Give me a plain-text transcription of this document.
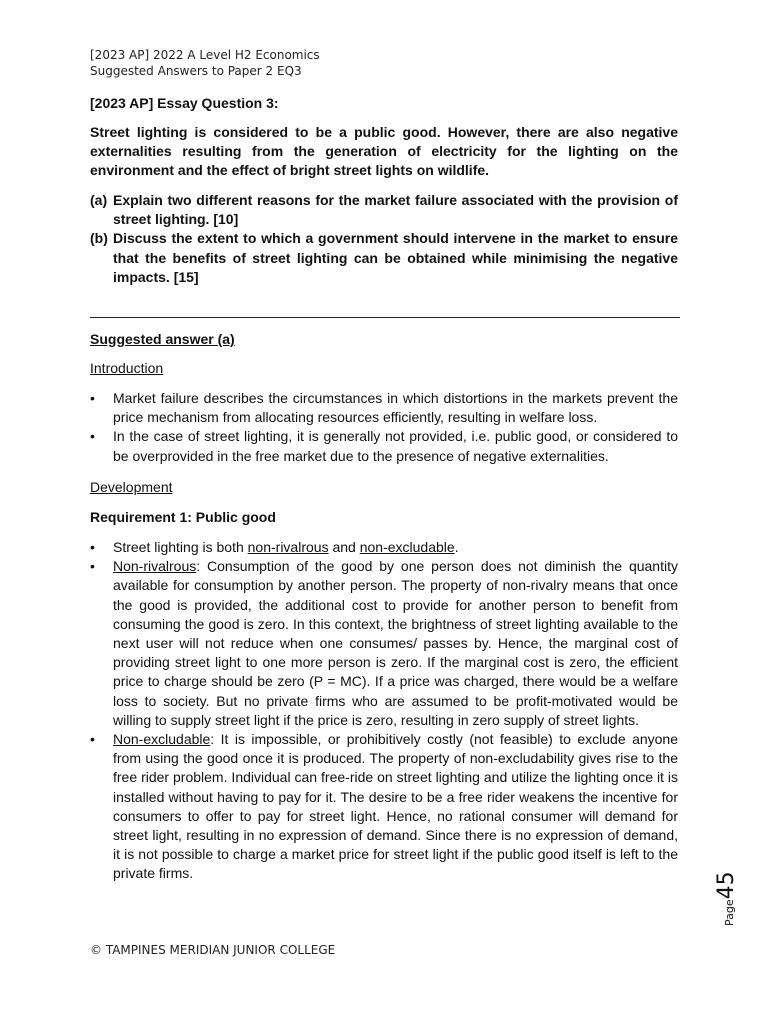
[2023 AP] 2022 A Level H2 Economics
Suggested Answers to Paper 2 EQ3
[2023 AP] Essay Question 3:
Street lighting is considered to be a public good. However, there are also negative externalities resulting from the generation of electricity for the lighting on the environment and the effect of bright street lights on wildlife.
(a) Explain two different reasons for the market failure associated with the provision of street lighting. [10]
(b) Discuss the extent to which a government should intervene in the market to ensure that the benefits of street lighting can be obtained while minimising the negative impacts. [15]
Suggested answer (a)
Introduction
• Market failure describes the circumstances in which distortions in the markets prevent the price mechanism from allocating resources efficiently, resulting in welfare loss.
• In the case of street lighting, it is generally not provided, i.e. public good, or considered to be overprovided in the free market due to the presence of negative externalities.
Development
Requirement 1: Public good
• Street lighting is both non-rivalrous and non-excludable.
• Non-rivalrous: Consumption of the good by one person does not diminish the quantity available for consumption by another person. The property of non-rivalry means that once the good is provided, the additional cost to provide for another person to benefit from consuming the good is zero. In this context, the brightness of street lighting available to the next user will not reduce when one consumes/ passes by. Hence, the marginal cost of providing street light to one more person is zero. If the marginal cost is zero, the efficient price to charge should be zero (P = MC). If a price was charged, there would be a welfare loss to society. But no private firms who are assumed to be profit-motivated would be willing to supply street light if the price is zero, resulting in zero supply of street lights.
• Non-excludable: It is impossible, or prohibitively costly (not feasible) to exclude anyone from using the good once it is produced. The property of non-excludability gives rise to the free rider problem. Individual can free-ride on street lighting and utilize the lighting once it is installed without having to pay for it. The desire to be a free rider weakens the incentive for consumers to offer to pay for street light. Hence, no rational consumer will demand for street light, resulting in no expression of demand. Since there is no expression of demand, it is not possible to charge a market price for street light if the public good itself is left to the private firms.
Page45
© TAMPINES MERIDIAN JUNIOR COLLEGE
